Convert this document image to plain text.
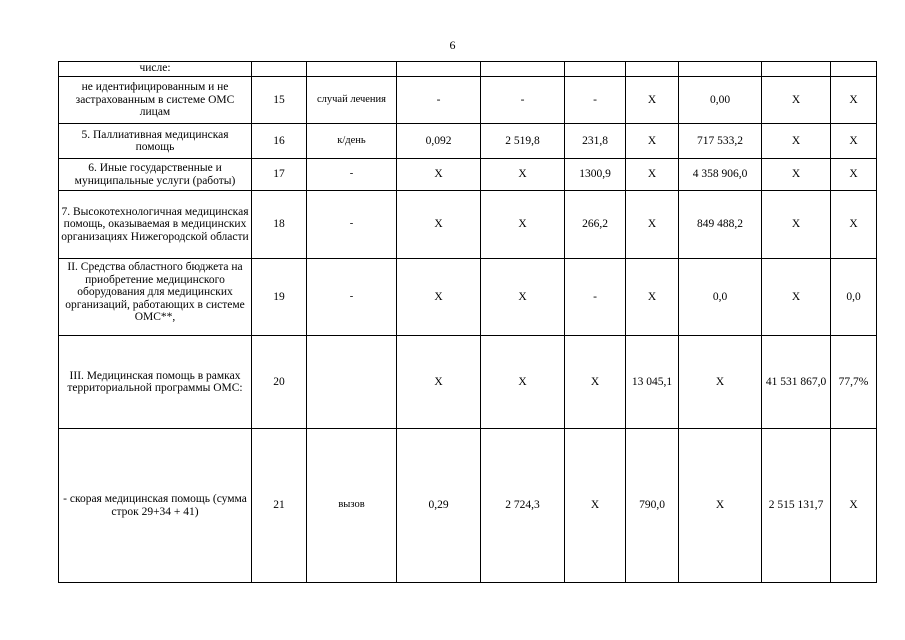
6
числе:									
не идентифицированным и не застрахованным в системе ОМС лицам	15	случай лечения	-	-	-	Х	0,00	Х	Х
5. Паллиативная медицинская помощь	16	к/день	0,092	2 519,8	231,8	Х	717 533,2	Х	Х
6. Иные государственные и муниципальные услуги (работы)	17	-	Х	Х	1300,9	Х	4 358 906,0	Х	Х
7. Высокотехнологичная медицинская помощь, оказываемая в медицинских организациях Нижегородской области	18	-	Х	Х	266,2	Х	849 488,2	Х	Х
II. Средства областного бюджета на приобретение медицинского оборудования для медицинских организаций, работающих в системе ОМС**,	19	-	Х	Х	-	Х	0,0	Х	0,0
III. Медицинская помощь в рамках территориальной программы ОМС:	20		Х	Х	Х	13 045,1	Х	41 531 867,0	77,7%
- скорая медицинская помощь (сумма строк 29+34 + 41)	21	вызов	0,29	2 724,3	Х	790,0	Х	2 515 131,7	Х
